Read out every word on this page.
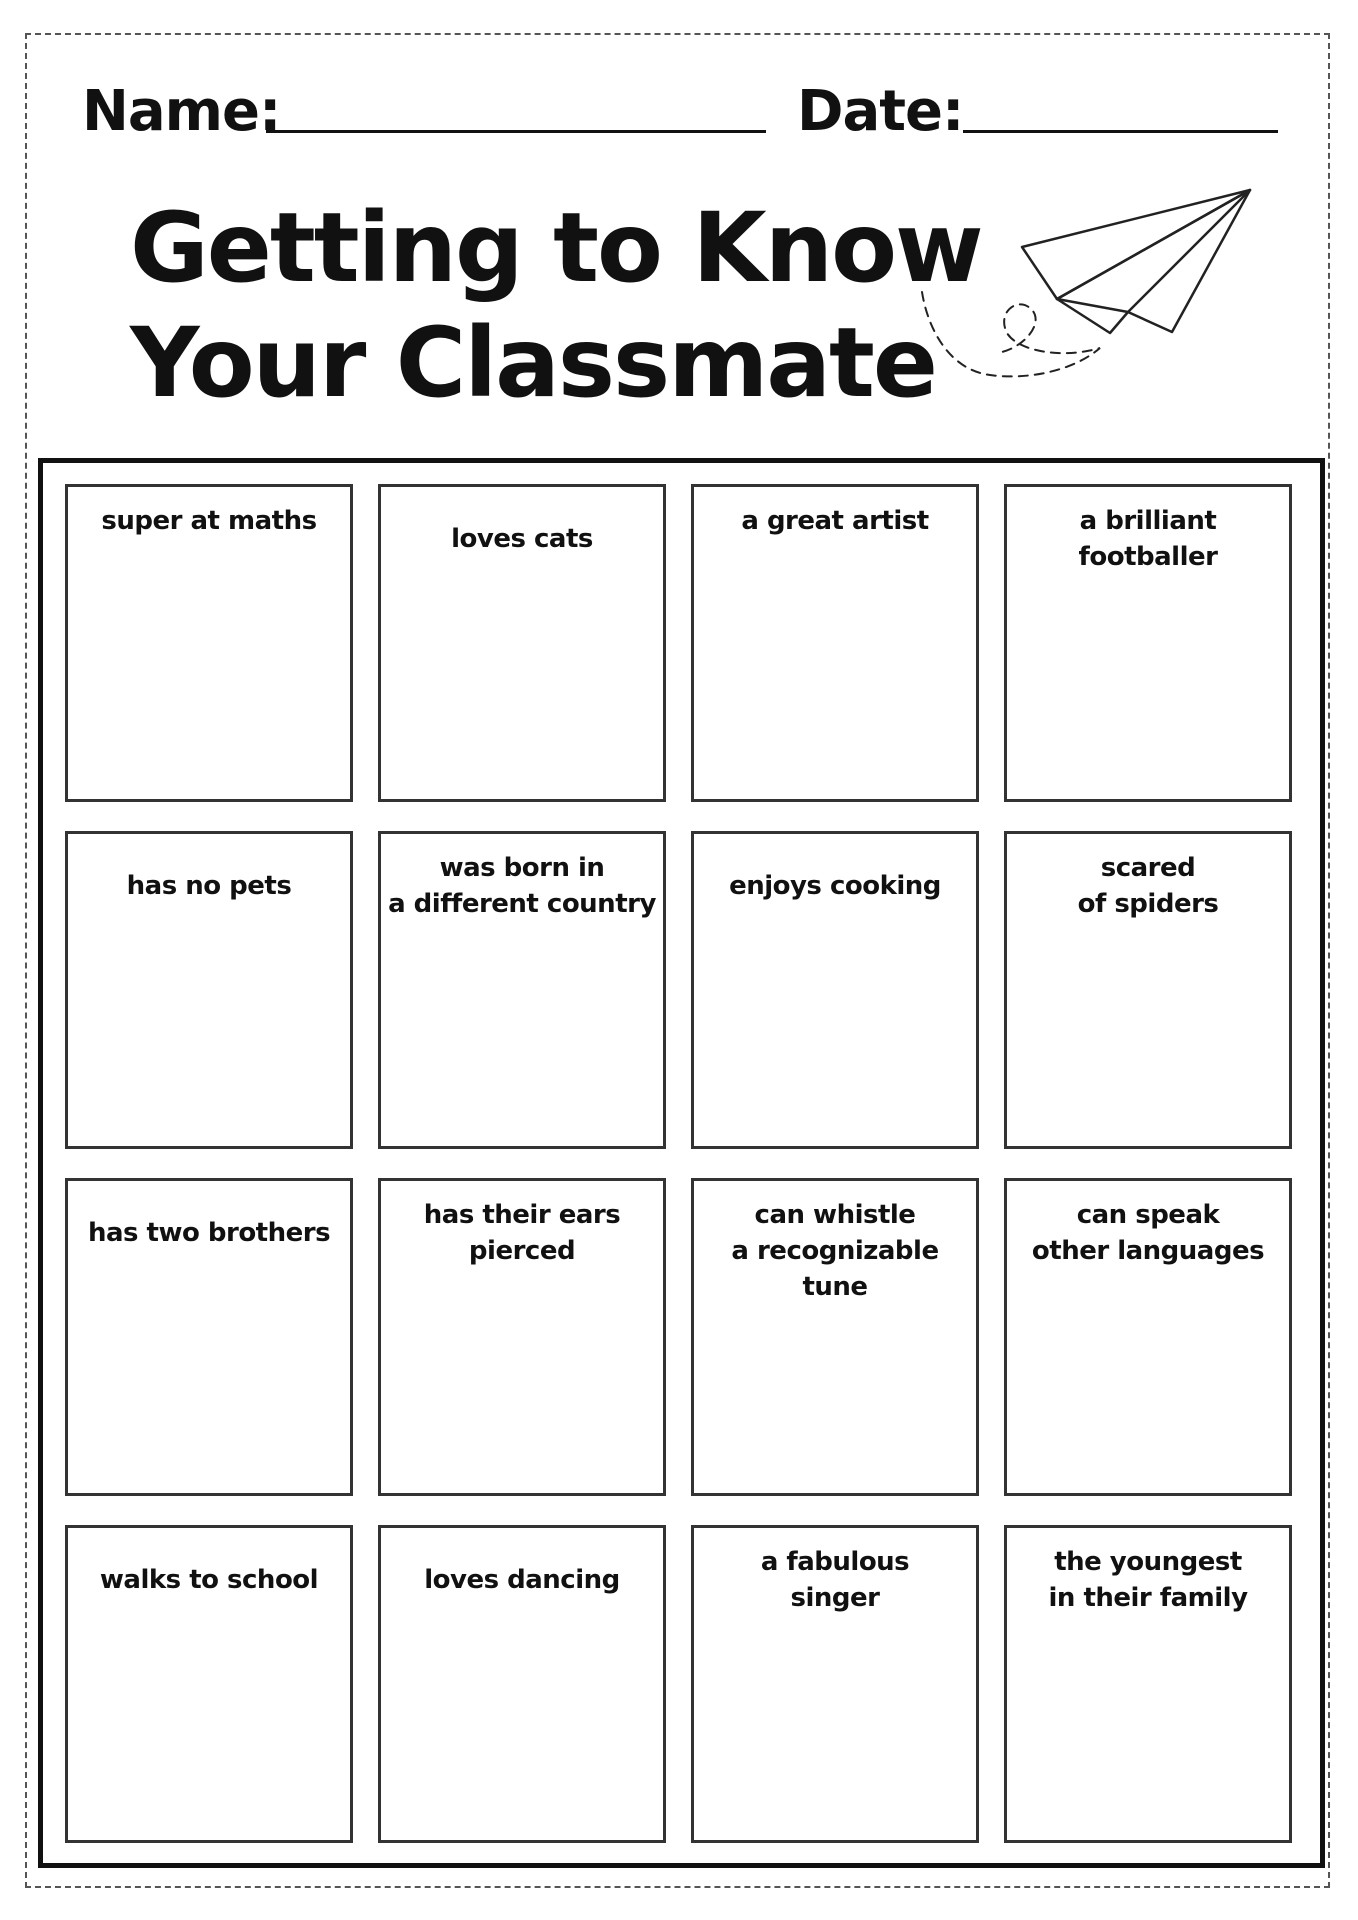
Name:	Date:
Getting to Know
Your Classmate
super at maths
loves cats
a great artist	a brilliant
footballer
has no pets
was born in
a different country
enjoys cooking
scared
of spiders
has two brothers
has their ears
pierced
can whistle
a recognizable tune
can speak
other languages
walks to school	loves dancing
a fabulous
singer
the youngest
in their family
